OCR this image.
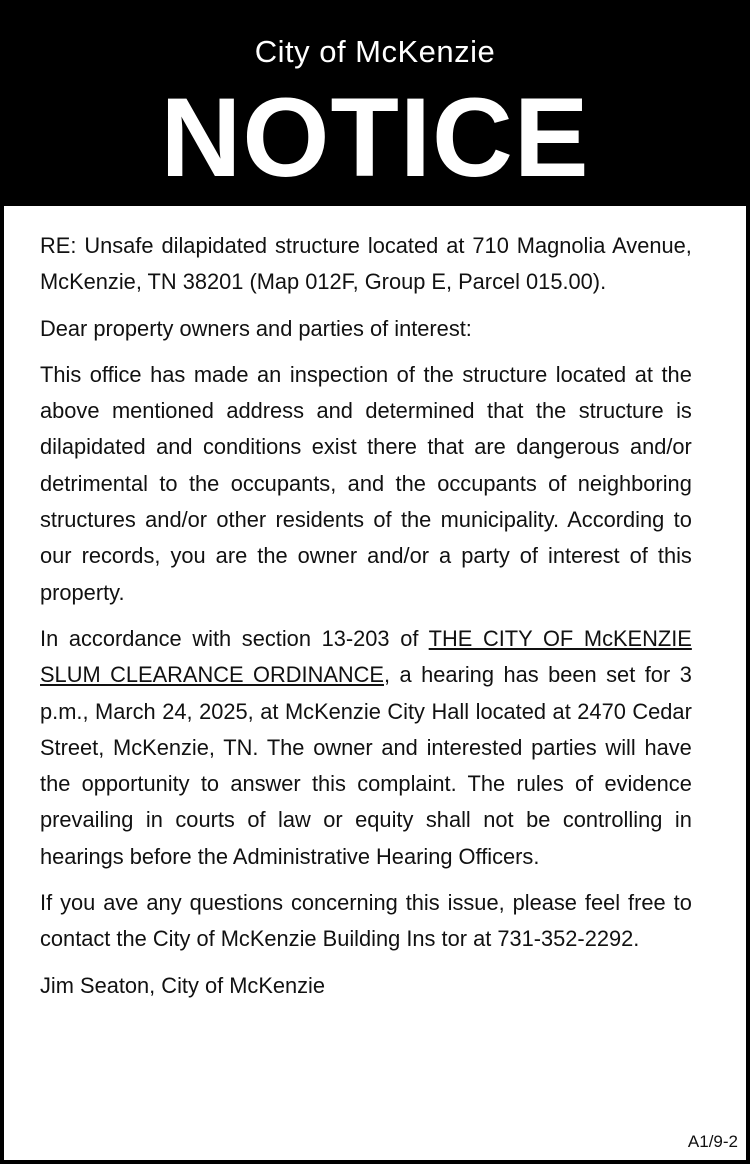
City of McKenzie
NOTICE

RE: Unsafe dilapidated structure located at 710 Magnolia Avenue, McKenzie, TN 38201 (Map 012F, Group E, Parcel 015.00).

Dear property owners and parties of interest:

This office has made an inspection of the structure located at the above mentioned address and determined that the structure is dilapidated and conditions exist there that are dangerous and/or detrimental to the occupants, and the occupants of neighboring structures and/or other residents of the municipality. According to our records, you are the owner and/or a party of interest of this property.

In accordance with section 13-203 of THE CITY OF McKENZIE SLUM CLEARANCE ORDINANCE, a hearing has been set for 3 p.m., March 24, 2025, at McKenzie City Hall located at 2470 Cedar Street, McKenzie, TN. The owner and interested parties will have the opportunity to answer this complaint. The rules of evidence prevailing in courts of law or equity shall not be controlling in hearings before the Administrative Hearing Officers.

If you ave any questions concerning this issue, please feel free to contact the City of McKenzie Building Ins tor at 731-352-2292.

Jim Seaton, City of McKenzie

A1/9-2
